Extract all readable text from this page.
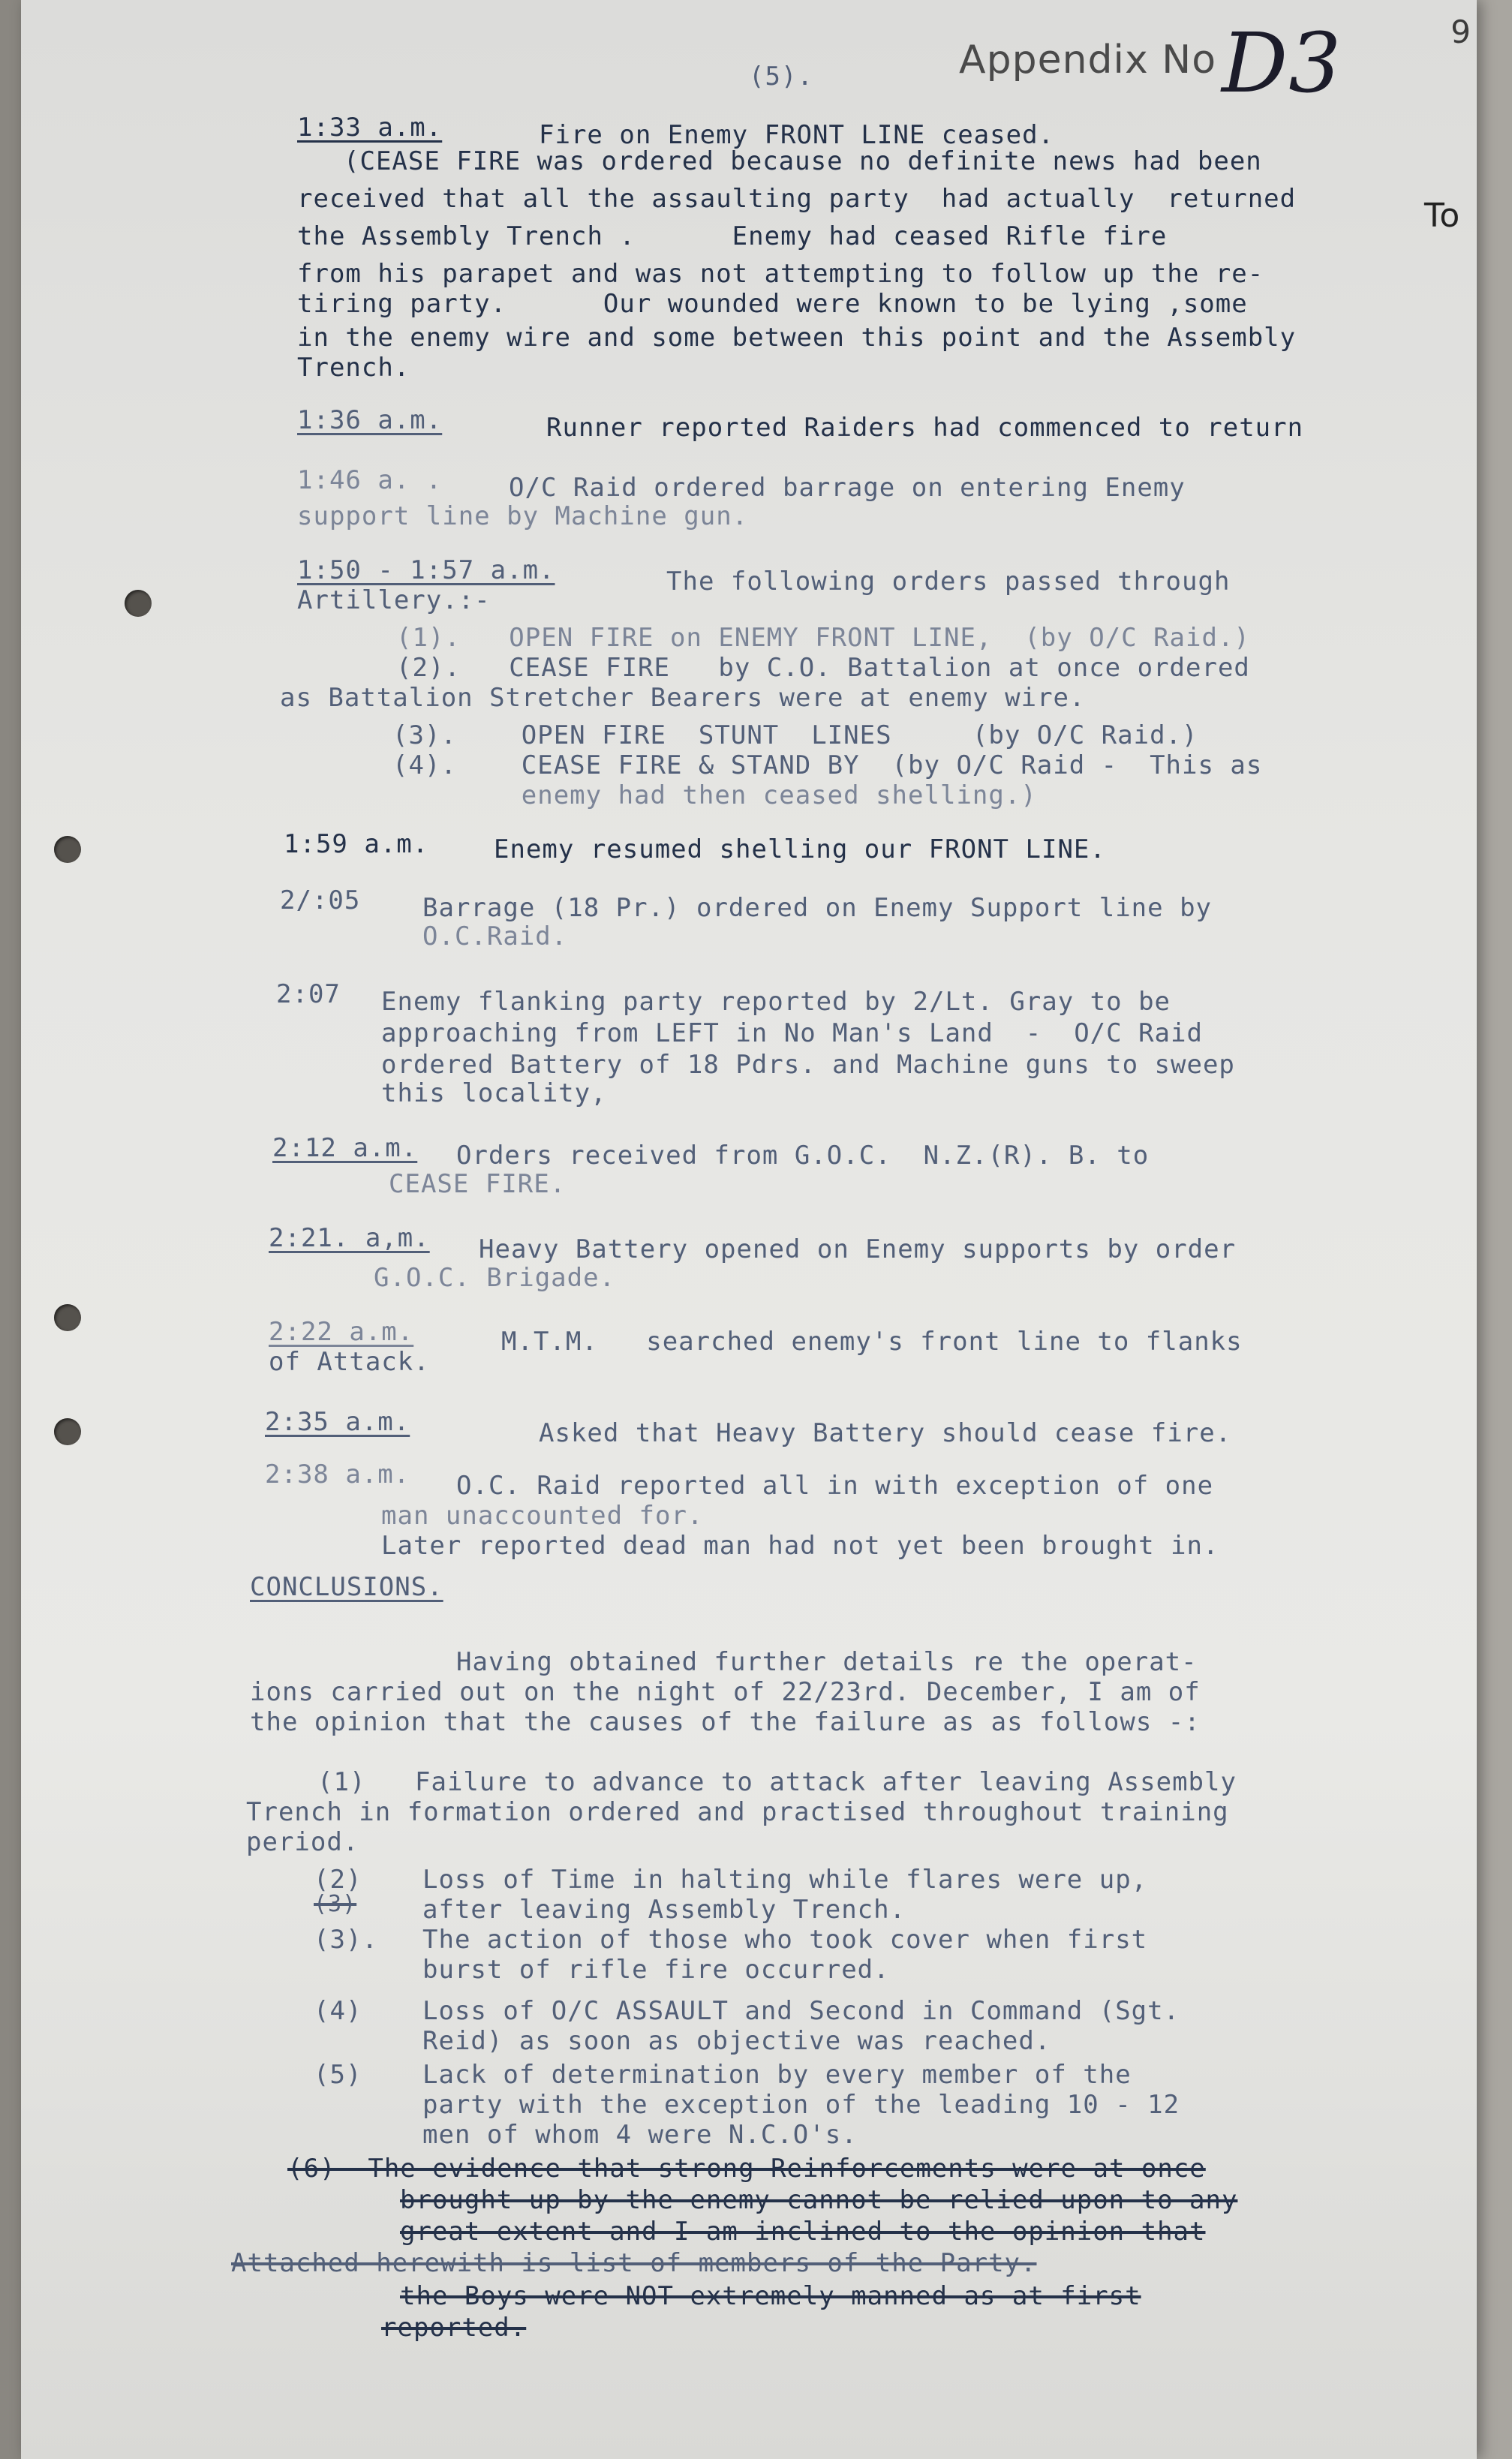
(5).	Appendix No D3	9
1:33 a.m.	Fire on Enemy FRONT LINE ceased.
(CEASE FIRE was ordered because no definite news had been
received that all the assaulting party  had actually  returned	To
the Assembly Trench .      Enemy had ceased Rifle fire
from his parapet and was not attempting to follow up the re-
tiring party.      Our wounded were known to be lying ,some
in the enemy wire and some between this point and the Assembly
Trench.
1:36 a.m.	Runner reported Raiders had commenced to return
1:46 a. .	O/C Raid ordered barrage on entering Enemy
support line by Machine gun.
1:50 - 1:57 a.m.	The following orders passed through
Artillery.:-
(1).   OPEN FIRE on ENEMY FRONT LINE,  (by O/C Raid.)
(2).   CEASE FIRE   by C.O. Battalion at once ordered
as Battalion Stretcher Bearers were at enemy wire.
(3).    OPEN FIRE  STUNT  LINES     (by O/C Raid.)
(4).    CEASE FIRE & STAND BY  (by O/C Raid -  This as
enemy had then ceased shelling.)
1:59 a.m.	Enemy resumed shelling our FRONT LINE.
2/:05 Barrage (18 Pr.) ordered on Enemy Support line by
O.C.Raid.
2:07 Enemy flanking party reported by 2/Lt. Gray to be
approaching from LEFT in No Man's Land  -  O/C Raid
ordered Battery of 18 Pdrs. and Machine guns to sweep
this locality,
2:12 a.m. Orders received from G.O.C.  N.Z.(R). B. to
CEASE FIRE.
2:21. a,m. Heavy Battery opened on Enemy supports by order
G.O.C. Brigade.
2:22 a.m.	M.T.M.   searched enemy's front line to flanks
of Attack.
2:35 a.m.	Asked that Heavy Battery should cease fire.
2:38 a.m. O.C. Raid reported all in with exception of one
man unaccounted for.
Later reported dead man had not yet been brought in.
CONCLUSIONS.
Having obtained further details re the operat-
ions carried out on the night of 22/23rd. December, I am of
the opinion that the causes of the failure as as follows -:
(1) Failure to advance to attack after leaving Assembly
Trench in formation ordered and practised throughout training
period.
(2)
(3)
Loss of Time in halting while flares were up,
after leaving Assembly Trench.
(3). The action of those who took cover when first
burst of rifle fire occurred.
(4) Loss of O/C ASSAULT and Second in Command (Sgt.
Reid) as soon as objective was reached.
(5) Lack of determination by every member of the
party with the exception of the leading 10 - 12
men of whom 4 were N.C.O's.
(6)  The evidence that strong Reinforcements were at once
brought up by the enemy cannot be relied upon to any
great extent and I am inclined to the opinion that
Attached herewith is list of members of the Party.
the Boys were NOT extremely manned as at first
reported.
